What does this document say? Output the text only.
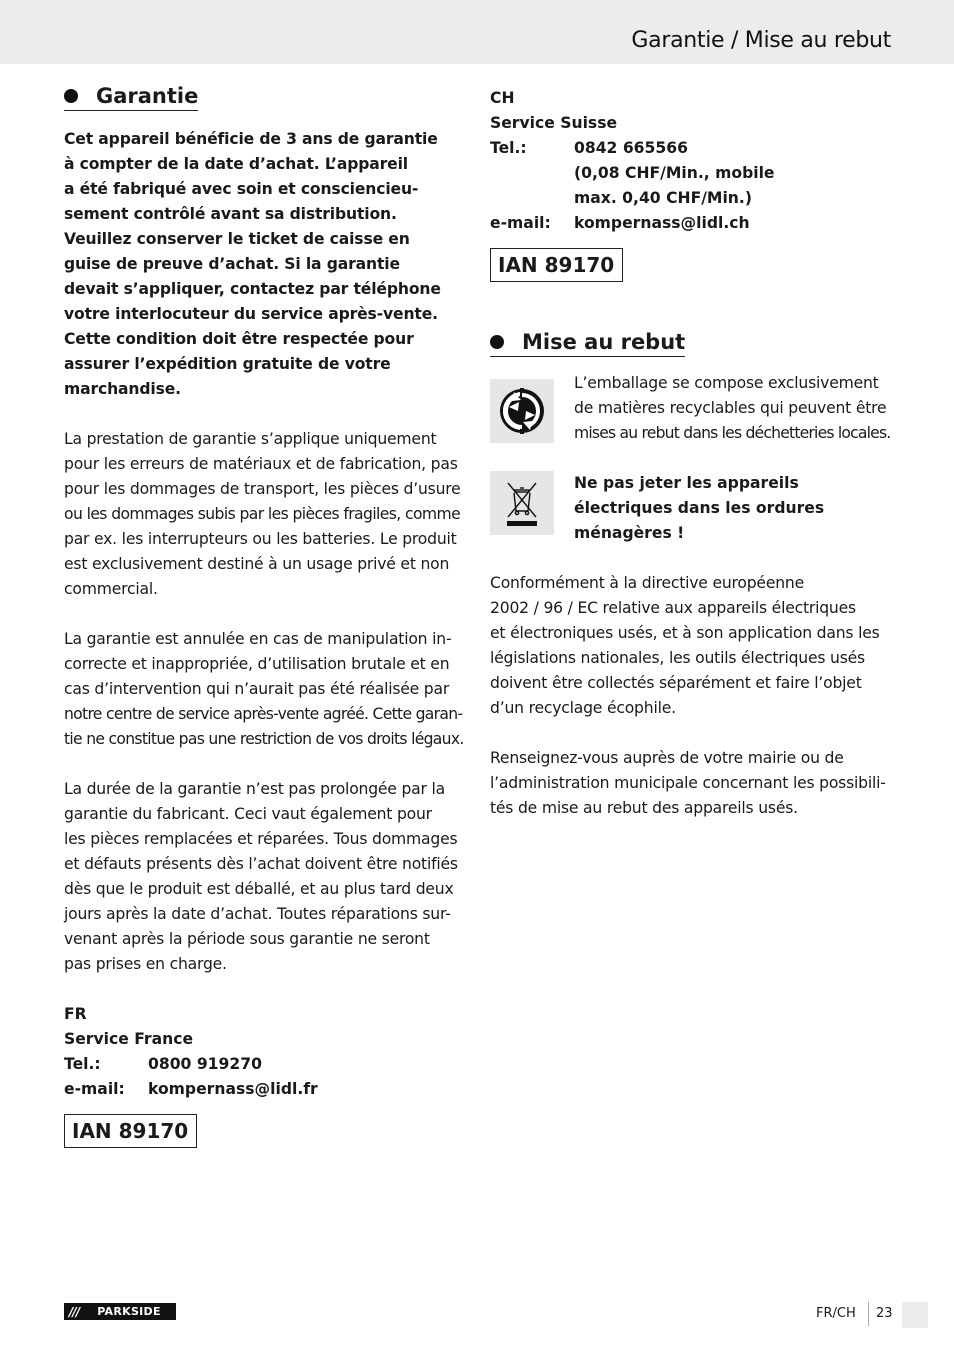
Garantie / Mise au rebut
Garantie
Cet appareil bénéficie de 3 ans de garantie
à compter de la date d’achat. L’appareil
a été fabriqué avec soin et consciencieu-
sement contrôlé avant sa distribution.
Veuillez conserver le ticket de caisse en
guise de preuve d’achat. Si la garantie
devait s’appliquer, contactez par téléphone
votre interlocuteur du service après-vente.
Cette condition doit être respectée pour
assurer l’expédition gratuite de votre
marchandise.
La prestation de garantie s’applique uniquement
pour les erreurs de matériaux et de fabrication, pas
pour les dommages de transport, les pièces d’usure
ou les dommages subis par les pièces fragiles, comme
par ex. les interrupteurs ou les batteries. Le produit
est exclusivement destiné à un usage privé et non
commercial.
La garantie est annulée en cas de manipulation in-
correcte et inappropriée, d’utilisation brutale et en
cas d’intervention qui n’aurait pas été réalisée par
notre centre de service après-vente agréé. Cette garan-
tie ne constitue pas une restriction de vos droits légaux.
La durée de la garantie n’est pas prolongée par la
garantie du fabricant. Ceci vaut également pour
les pièces remplacées et réparées. Tous dommages
et défauts présents dès l’achat doivent être notifiés
dès que le produit est déballé, et au plus tard deux
jours après la date d’achat. Toutes réparations sur-
venant après la période sous garantie ne seront
pas prises en charge.
FR
Service France
Tel.:	0800 919270
e-mail:	kompernass@lidl.fr
IAN 89170
CH
Service Suisse
Tel.:	0842 665566
(0,08 CHF/Min., mobile
max. 0,40 CHF/Min.)
e-mail:	kompernass@lidl.ch
IAN 89170
Mise au rebut
L’emballage se compose exclusivement
de matières recyclables qui peuvent être
mises au rebut dans les déchetteries locales.
Ne pas jeter les appareils
électriques dans les ordures
ménagères !
Conformément à la directive européenne
2002 / 96 / EC relative aux appareils électriques
et électroniques usés, et à son application dans les
législations nationales, les outils électriques usés
doivent être collectés séparément et faire l’objet
d’un recyclage écophile.
Renseignez-vous auprès de votre mairie ou de
l’administration municipale concernant les possibili-
tés de mise au rebut des appareils usés.
///	PARKSIDE	FR/CH 23
